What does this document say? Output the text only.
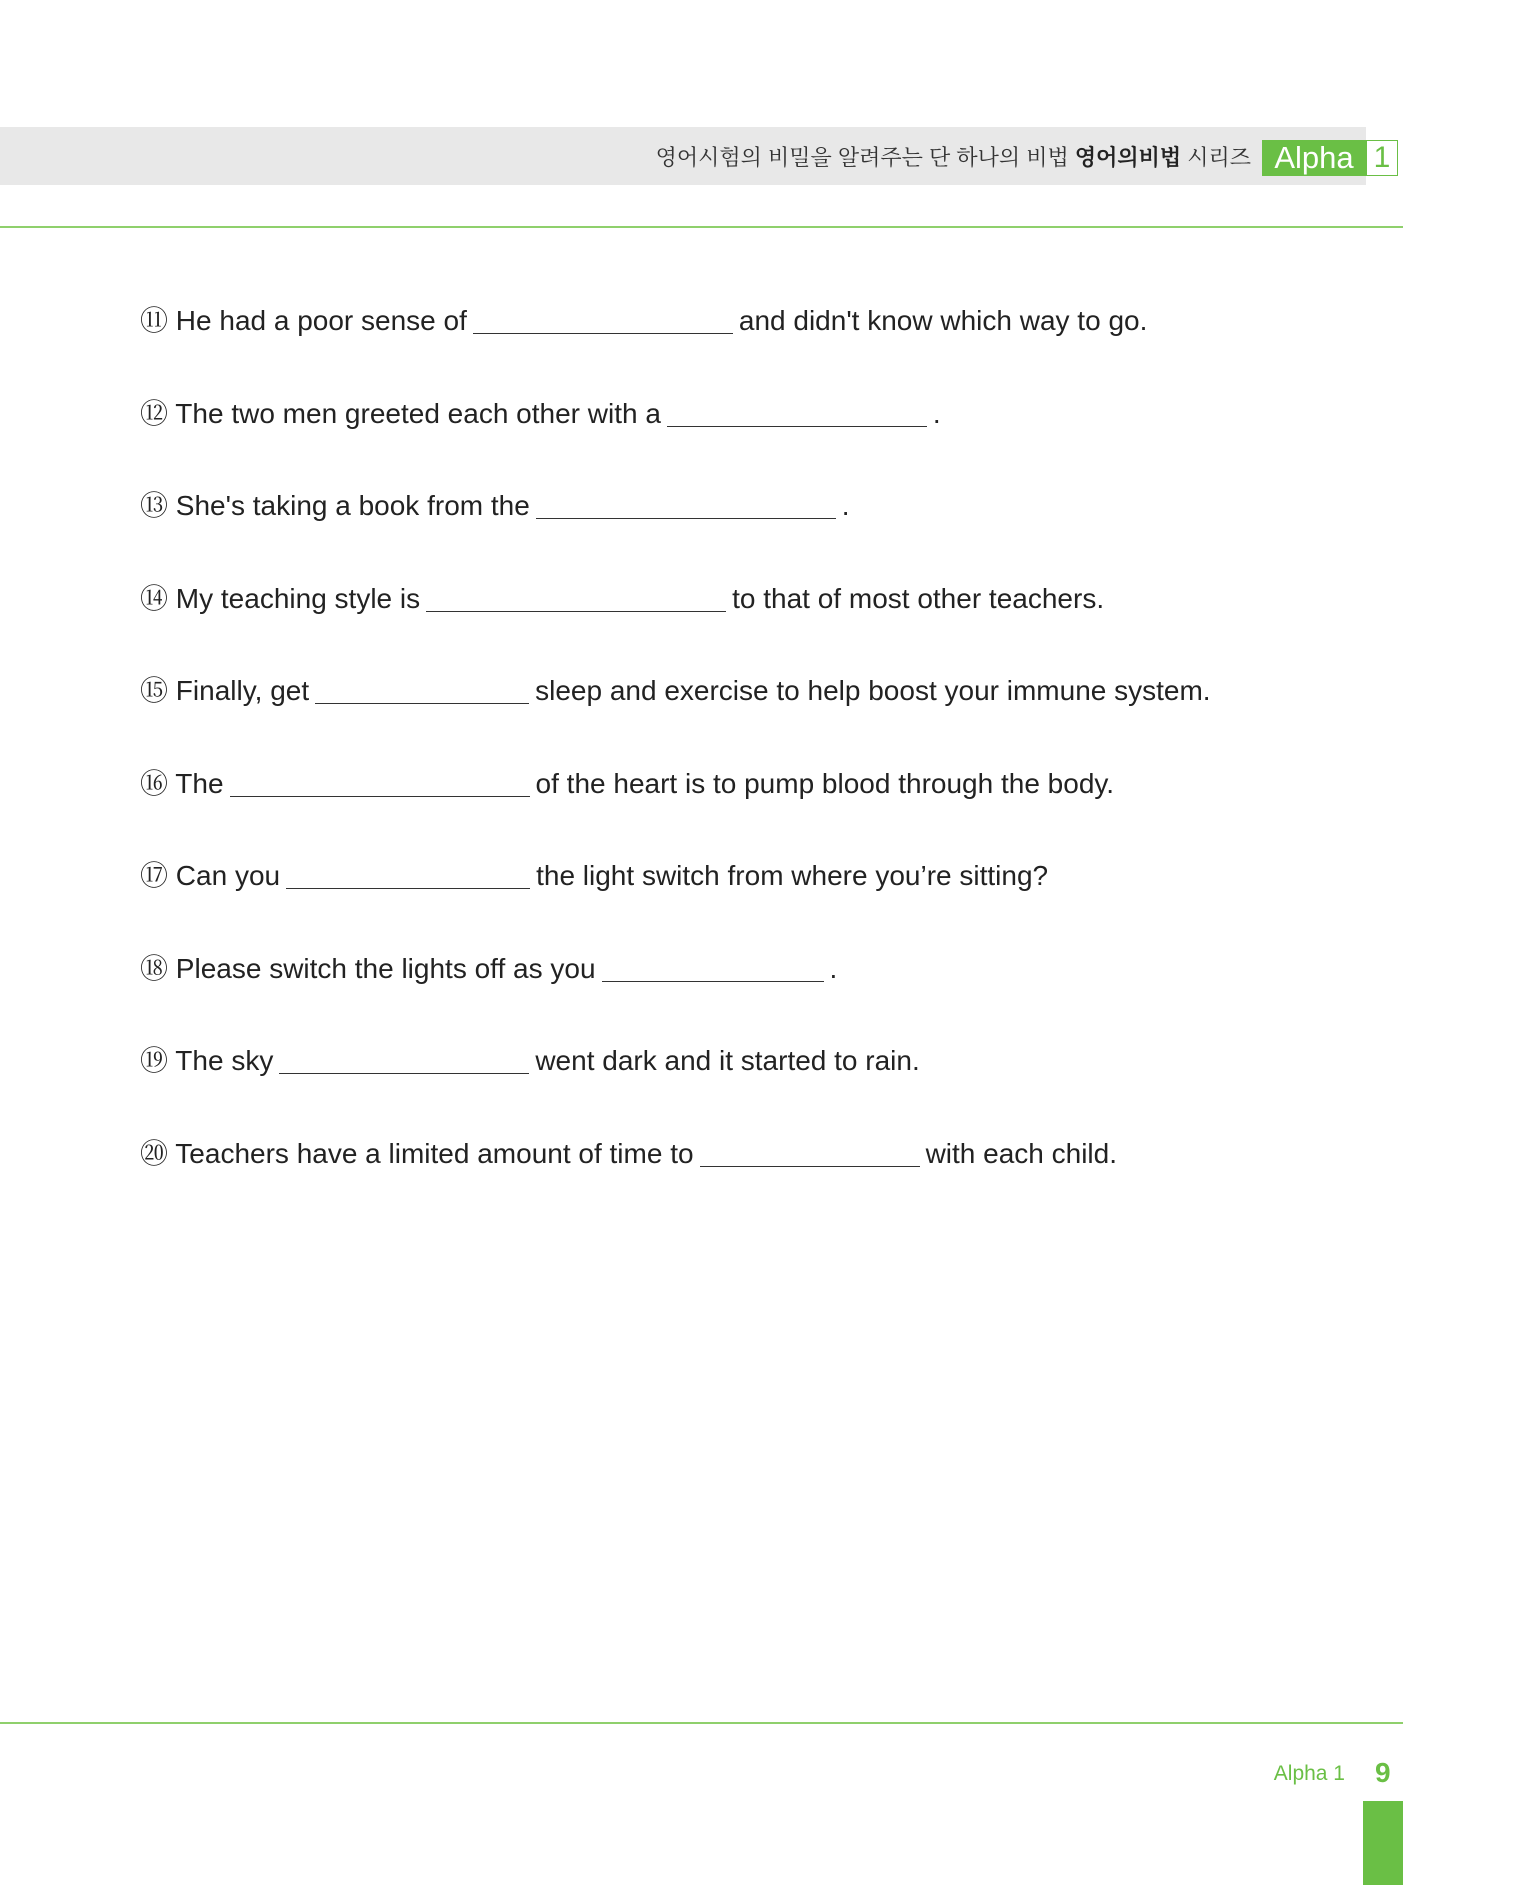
영어시험의 비밀을 알려주는 단 하나의 비법 영어의비법 시리즈 Alpha 1
⑪ He had a poor sense of	and didn't know which way to go.
⑫ The two men greeted each other with a	.
⑬ She's taking a book from the	.
⑭ My teaching style is	to that of most other teachers.
⑮ Finally, get	sleep and exercise to help boost your immune system.
⑯ The	of the heart is to pump blood through the body.
⑰ Can you	the light switch from where you’re sitting?
⑱ Please switch the lights off as you	.
⑲ The sky	went dark and it started to rain.
⑳ Teachers have a limited amount of time to	with each child.
Alpha 1 9
